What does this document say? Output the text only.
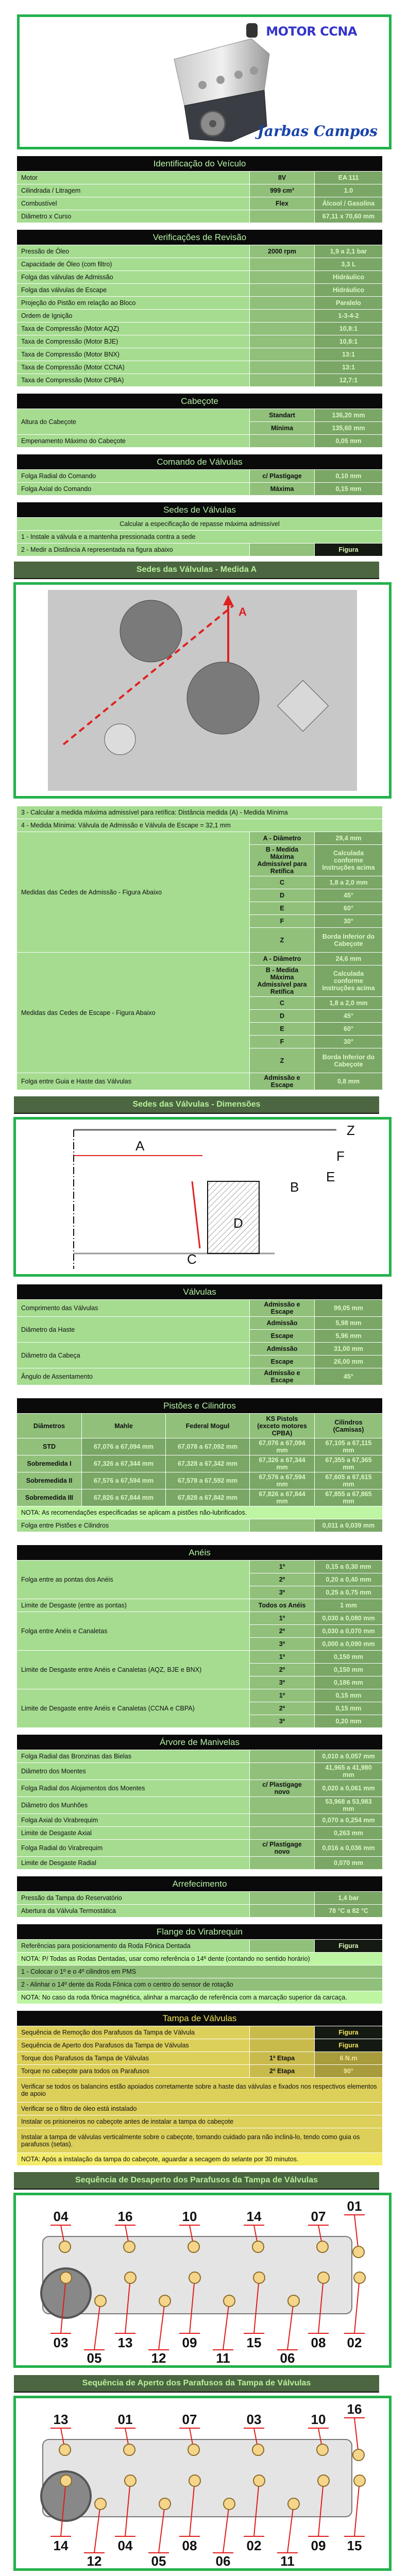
MOTOR CCNA
Jarbas Campos
Identificação do Veículo		
Motor	8V	EA 111
Cilindrada / Litragem	999 cm³	1.0
Combustível	Flex	Álcool / Gasolina
Diâmetro x Curso		67,11 x 70,60 mm
Verificações de Revisão		
Pressão de Óleo	2000 rpm	1,9 a 2,1 bar
Capacidade de Óleo (com filtro)		3,3 L
Folga das válvulas de Admissão		Hidráulico
Folga das válvulas de Escape		Hidráulico
Projeção do Pistão em relação ao Bloco		Paralelo
Ordem de Ignição		1-3-4-2
Taxa de Compressão (Motor AQZ)		10,8:1
Taxa de Compressão (Motor BJE)		10,8:1
Taxa de Compressão (Motor BNX)		13:1
Taxa de Compressão (Motor CCNA)		13:1
Taxa de Compressão (Motor CPBA)		12,7:1
Cabeçote		
Altura do Cabeçote	Standart	136,20 mm
	Mínima	135,60 mm
Empenamento Máximo do Cabeçote		0,05 mm
Comando de Válvulas		
Folga Radial do Comando	c/ Plastigage	0,10 mm
Folga Axial do Comando	Máxima	0,15 mm
Sedes de Válvulas
Calcular a especificação de repasse máxima admissível
1 - Instale a válvula e a mantenha pressionada contra a sede
2 - Medir a Distância A representada na figura abaixo		Figura
Sedes das Válvulas - Medida A
A
3 - Calcular a medida máxima admissível para retífica: Distância medida (A) - Medida Mínima		
4 - Medida Mínima: Válvula de Admissão e Válvula de Escape = 32,1 mm		
Medidas das Cedes de Admissão - Figura Abaixo	A - Diâmetro	29,4 mm
	B - Medida Máxima Admissível para Retífica	Calculada conforme Instruções acima
	C	1,8 a 2,0 mm
	D	45°
	E	60°
	F	30°
	Z	Borda Inferior do Cabeçote
Medidas das Cedes de Escape - Figura Abaixo	A - Diâmetro	24,6 mm
	B - Medida Máxima Admissível para Retífica	Calculada conforme Instruções acima
	C	1,8 a 2,0 mm
	D	45°
	E	60°
	F	30°
	Z	Borda Inferior do Cabeçote
Folga entre Guia e Haste das Válvulas	Admissão e Escape	0,8 mm
Sedes das Válvulas - Dimensões
A
B
C
D
E
F
Z
Válvulas		
Comprimento das Válvulas	Admissão e Escape	99,05 mm
Diâmetro da Haste	Admissão	5,98 mm
	Escape	5,96 mm
Diâmetro da Cabeça	Admissão	31,00 mm
	Escape	26,00 mm
Ângulo de Assentamento	Admissão e Escape	45°
Pistões e Cilindros				
Diâmetros	Mahle	Federal Mogul	KS Pistols (exceto motores CPBA)	Cilindros (Camisas)
STD	67,076 a 67,094 mm	67,078 a 67,092 mm	67,076 a 67,094 mm	67,105 a 67,115 mm
Sobremedida I	67,326 a 67,344 mm	67,328 a 67,342 mm	67,326 a 67,344 mm	67,355 a 67,365 mm
Sobremedida II	67,576 a 67,594 mm	67,578 a 67,592 mm	67,576 a 67,594 mm	67,605 a 67,615 mm
Sobremedida III	67,826 a 67,844 mm	67,828 a 67,842 mm	67,826 a 67,844 mm	67,855 a 67,865 mm
NOTA: As recomendações especificadas se aplicam a pistões não-lubrificados.				
Folga entre Pistões e Cilindros				0,011 a 0,039 mm
Anéis		
Folga entre as pontas dos Anéis	1º	0,15 a 0,30 mm
	2º	0,20 a 0,40 mm
	3º	0,25 a 0,75 mm
Limite de Desgaste (entre as pontas)	Todos os Anéis	1 mm
Folga entre Anéis e Canaletas	1º	0,030 a 0,080 mm
	2º	0,030 a 0,070 mm
	3º	0,000 a 0,090 mm
Limite de Desgaste entre Anéis e Canaletas (AQZ, BJE e BNX)	1º	0,150 mm
	2º	0,150 mm
	3º	0,186 mm
Limite de Desgaste entre Anéis e Canaletas (CCNA e CBPA)	1º	0,15 mm
	2º	0,15 mm
	3º	0,20 mm
Árvore de Manivelas		
Folga Radial das Bronzinas das Bielas		0,010 a 0,057 mm
Diâmetro dos Moentes		41,965 a 41,980 mm
Folga Radial dos Alojamentos dos Moentes	c/ Plastigage novo	0,020 a 0,061 mm
Diâmetro dos Munhões		53,968 a 53,983 mm
Folga Axial do Virabrequim		0,070 a 0,254 mm
Limite de Desgaste Axial		0,263 mm
Folga Radial do Virabrequim	c/ Plastigage novo	0,016 a 0,036 mm
Limite de Desgaste Radial		0,070 mm
Arrefecimento		
Pressão da Tampa do Reservatório		1,4 bar
Abertura da Válvula Termostática		78 °C a 82 °C
Flange do Virabrequin
Referências para posicionamento da Roda Fônica Dentada		Figura
NOTA: P/ Todas as Rodas Dentadas, usar como referência o 14º dente (contando no sentido horário)
1 - Colocar o 1º e o 4º cilindros em PMS
2 - Alinhar o 14º dente da Roda Fônica com o centro do sensor de rotação
NOTA: No caso da roda fônica magnética, alinhar a marcação de referência com a marcação superior da carcaça.
Tampa de Válvulas		
Sequência de Remoção dos Parafusos da Tampa de Válvula		Figura
Sequência de Aperto dos Parafusos da Tampa de Válvulas		Figura
Torque dos Parafusos da Tampa de Válvulas	1ª Etapa	6 N.m
Torque no cabeçote para todos os Parafusos	2ª Etapa	90°
Verificar se todos os balancins estão apoiados corretamente sobre a haste das válvulas e fixados nos respectivos elementos de apoio		
Verificar se o filtro de óleo está instalado		
Instalar os prisioneiros no cabeçote antes de instalar a tampa do cabeçote		
Instalar a tampa de válvulas verticalmente sobre o cabeçote, tomando cuidado para não incliná-lo, tendo como guia os parafusos (setas).		
NOTA: Após a instalação da tampa do cabeçote, aguardar a secagem do selante por 30 minutos.		
Sequência de Desaperto dos Parafusos da Tampa de Válvulas
04	16	10	14	07
01
03	13	09	15	08 02
05	12	11	06
Sequência de Aperto dos Parafusos da Tampa de Válvulas
13	01	07	03	10
16
14	04	08	02	09 15
12	05	06	11
